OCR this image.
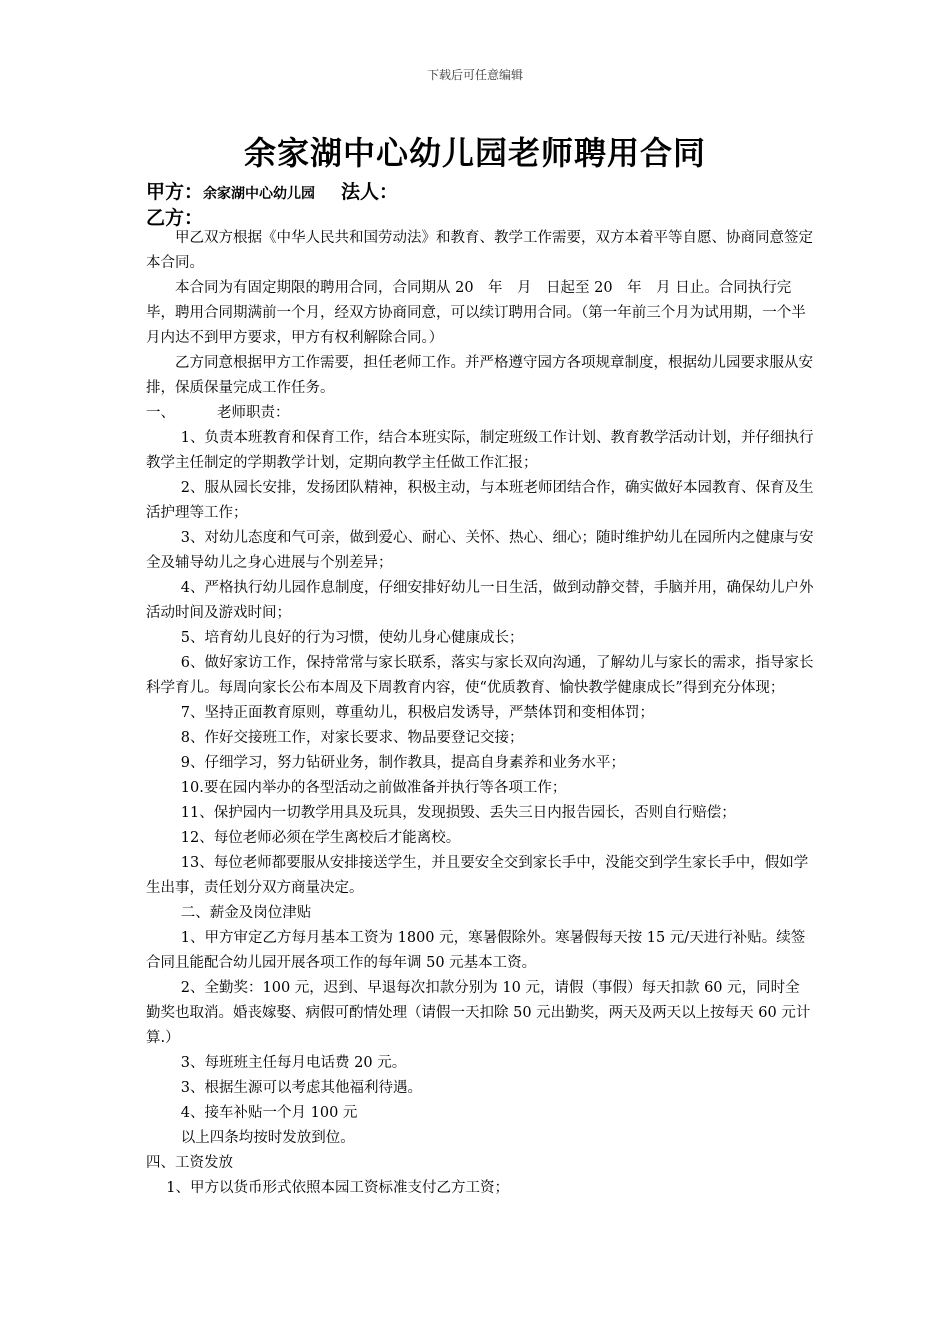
下载后可任意编辑
余家湖中心幼儿园老师聘用合同
甲方：余家湖中心幼儿园 法人：
乙方：

甲乙双方根据《中华人民共和国劳动法》和教育、教学工作需要，双方本着平等自愿、协商同意签定本合同。

本合同为有固定期限的聘用合同，合同期从 20　年　月　日起至 20　年　月 日止。合同执行完毕，聘用合同期满前一个月，经双方协商同意，可以续订聘用合同。（第一年前三个月为试用期，一个半月内达不到甲方要求，甲方有权利解除合同。）

乙方同意根据甲方工作需要，担任老师工作。并严格遵守园方各项规章制度，根据幼儿园要求服从安排，保质保量完成工作任务。

一、	老师职责：

1、负责本班教育和保育工作，结合本班实际，制定班级工作计划、教育教学活动计划，并仔细执行教学主任制定的学期教学计划，定期向教学主任做工作汇报；

2、服从园长安排，发扬团队精神，积极主动，与本班老师团结合作，确实做好本园教育、保育及生活护理等工作；

3、对幼儿态度和气可亲，做到爱心、耐心、关怀、热心、细心；随时维护幼儿在园所内之健康与安全及辅导幼儿之身心进展与个别差异；

4、严格执行幼儿园作息制度，仔细安排好幼儿一日生活，做到动静交替，手脑并用，确保幼儿户外活动时间及游戏时间；

5、培育幼儿良好的行为习惯，使幼儿身心健康成长；

6、做好家访工作，保持常常与家长联系，落实与家长双向沟通，了解幼儿与家长的需求，指导家长科学育儿。每周向家长公布本周及下周教育内容，使“优质教育、愉快教学健康成长”得到充分体现；

7、坚持正面教育原则，尊重幼儿，积极启发诱导，严禁体罚和变相体罚；

8、作好交接班工作，对家长要求、物品要登记交接；

9、仔细学习，努力钻研业务，制作教具，提高自身素养和业务水平；

10.要在园内举办的各型活动之前做准备并执行等各项工作；

11、保护园内一切教学用具及玩具，发现损毁、丢失三日内报告园长，否则自行赔偿；

12、每位老师必须在学生离校后才能离校。

13、每位老师都要服从安排接送学生，并且要安全交到家长手中，没能交到学生家长手中，假如学生出事，责任划分双方商量决定。

二、薪金及岗位津贴

1、甲方审定乙方每月基本工资为 1800 元，寒暑假除外。寒暑假每天按 15 元/天进行补贴。续签合同且能配合幼儿园开展各项工作的每年调 50 元基本工资。

2、全勤奖：100 元，迟到、早退每次扣款分别为 10 元，请假（事假）每天扣款 60 元，同时全勤奖也取消。婚丧嫁娶、病假可酌情处理（请假一天扣除 50 元出勤奖，两天及两天以上按每天 60 元计算.）

3、每班班主任每月电话费 20 元。

3、根据生源可以考虑其他福利待遇。

4、接车补贴一个月 100 元

以上四条均按时发放到位。

四、工资发放

1、甲方以货币形式依照本园工资标准支付乙方工资；
